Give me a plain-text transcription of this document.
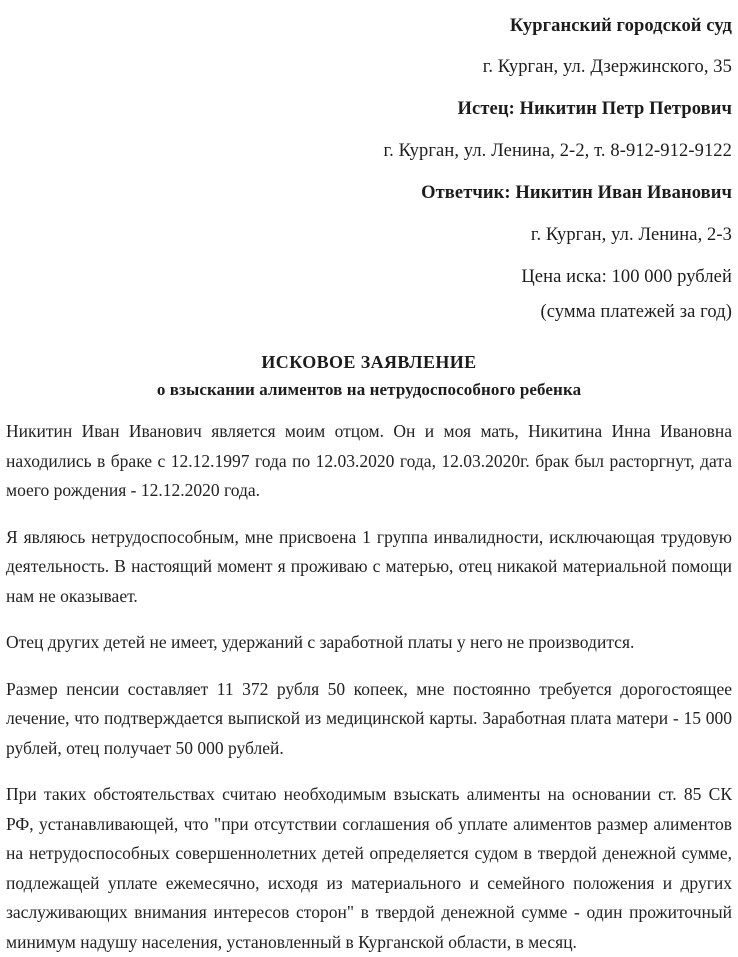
Курганский городской суд
г. Курган, ул. Дзержинского, 35
Истец: Никитин Петр Петрович
г. Курган, ул. Ленина, 2-2, т. 8-912-912-9122
Ответчик: Никитин Иван Иванович
г. Курган, ул. Ленина, 2-3
Цена иска: 100 000 рублей
(сумма платежей за год)
ИСКОВОЕ ЗАЯВЛЕНИЕ
о взыскании алиментов на нетрудоспособного ребенка

Никитин Иван Иванович является моим отцом. Он и моя мать, Никитина Инна Ивановна находились в браке с 12.12.1997 года по 12.03.2020 года, 12.03.2020г. брак был расторгнут, дата моего рождения - 12.12.2020 года.

Я являюсь нетрудоспособным, мне присвоена 1 группа инвалидности, исключающая трудовую деятельность. В настоящий момент я проживаю с матерью, отец никакой материальной помощи нам не оказывает.

Отец других детей не имеет, удержаний с заработной платы у него не производится.

Размер пенсии составляет 11 372 рубля 50 копеек, мне постоянно требуется дорогостоящее лечение, что подтверждается выпиской из медицинской карты. Заработная плата матери - 15 000 рублей, отец получает 50 000 рублей.

При таких обстоятельствах считаю необходимым взыскать алименты на основании ст. 85 СК РФ, устанавливающей, что "при отсутствии соглашения об уплате алиментов размер алиментов на нетрудоспособных совершеннолетних детей определяется судом в твердой денежной сумме, подлежащей уплате ежемесячно, исходя из материального и семейного положения и других заслуживающих внимания интересов сторон" в твердой денежной сумме - один прожиточный минимум надушу населения, установленный в Курганской области, в месяц.
